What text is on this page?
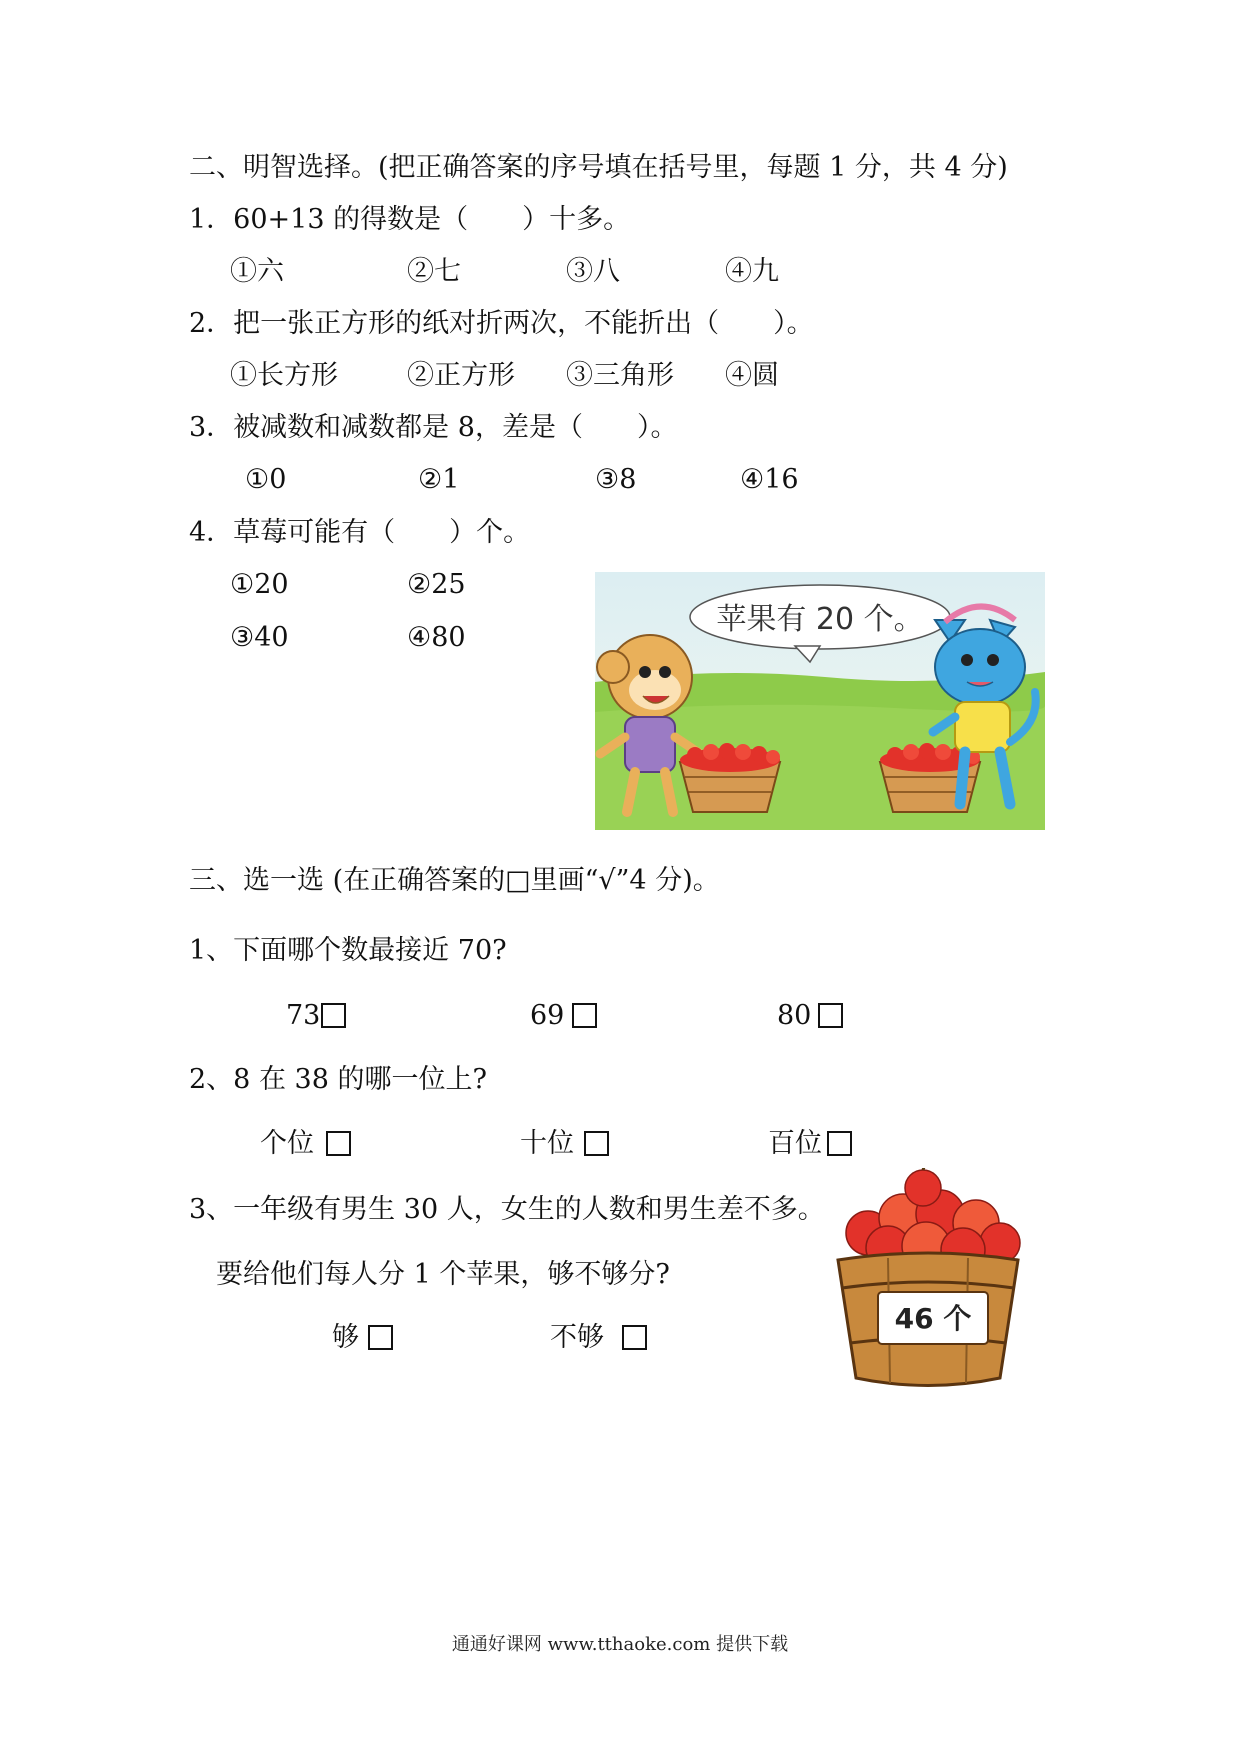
二、明智选择。(把正确答案的序号填在括号里，每题 1 分，共 4 分)
1．60+13 的得数是（　　）十多。
①六	②七	③八	④九
2．把一张正方形的纸对折两次，不能折出（　　）。
①长方形	②正方形 ③三角形 ④圆
3．被减数和减数都是 8，差是（　　）。
①0	②1	③8	④16
4．草莓可能有（　　）个。
①20	②25
③40	④80
苹果有 20 个。
三、选一选 (在正确答案的□里画“√”4 分)。
1、下面哪个数最接近 70?
73	69	80
2、8 在 38 的哪一位上?
个位	十位	百位
3、一年级有男生 30 人，女生的人数和男生差不多。
要给他们每人分 1 个苹果，够不够分?
够	不够
46 个
通通好课网 www.tthaoke.com 提供下载
